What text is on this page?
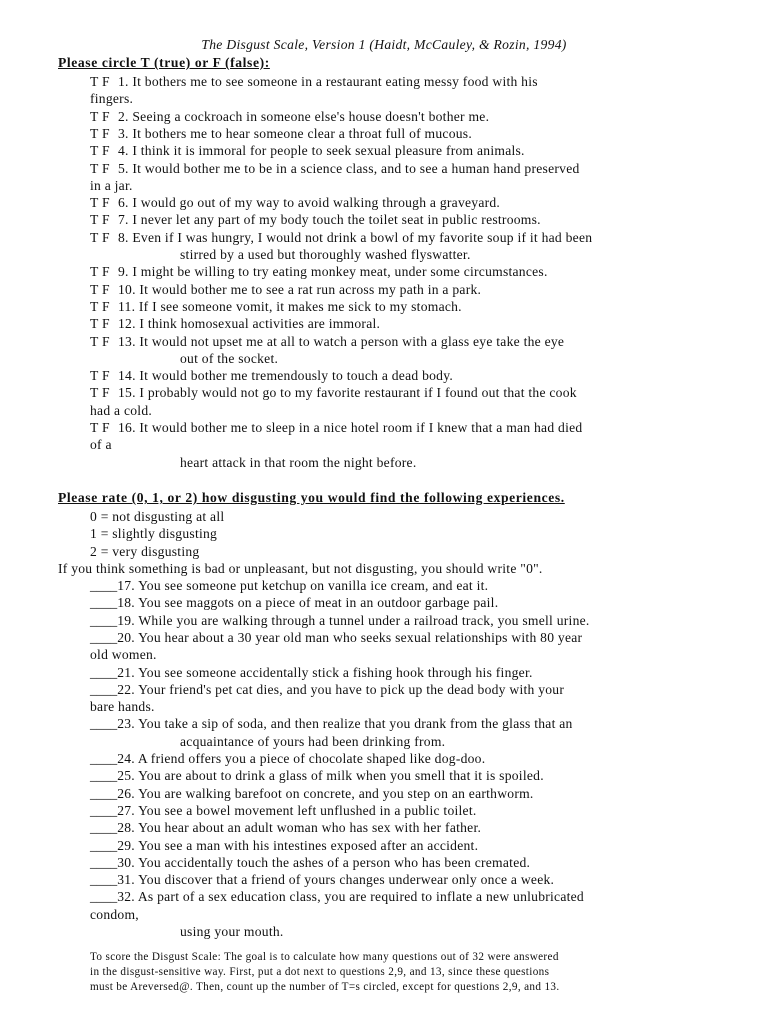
The Disgust Scale, Version 1 (Haidt, McCauley, & Rozin, 1994)
Please circle T (true) or F (false):
T F 1. It bothers me to see someone in a restaurant eating messy food with his
fingers.
T F 2. Seeing a cockroach in someone else's house doesn't bother me.
T F 3. It bothers me to hear someone clear a throat full of mucous.
T F 4. I think it is immoral for people to seek sexual pleasure from animals.
T F 5. It would bother me to be in a science class, and to see a human hand preserved
in a jar.
T F 6. I would go out of my way to avoid walking through a graveyard.
T F 7. I never let any part of my body touch the toilet seat in public restrooms.
T F 8. Even if I was hungry, I would not drink a bowl of my favorite soup if it had been
stirred by a used but thoroughly washed flyswatter.
T F 9. I might be willing to try eating monkey meat, under some circumstances.
T F 10. It would bother me to see a rat run across my path in a park.
T F 11. If I see someone vomit, it makes me sick to my stomach.
T F 12. I think homosexual activities are immoral.
T F 13. It would not upset me at all to watch a person with a glass eye take the eye
out of the socket.
T F 14. It would bother me tremendously to touch a dead body.
T F 15. I probably would not go to my favorite restaurant if I found out that the cook
had a cold.
T F 16. It would bother me to sleep in a nice hotel room if I knew that a man had died
of a
heart attack in that room the night before.
Please rate (0, 1, or 2) how disgusting you would find the following experiences.
0 = not disgusting at all
1 = slightly disgusting
2 = very disgusting
If you think something is bad or unpleasant, but not disgusting, you should write "0".
____17. You see someone put ketchup on vanilla ice cream, and eat it.
____18. You see maggots on a piece of meat in an outdoor garbage pail.
____19. While you are walking through a tunnel under a railroad track, you smell urine.
____20. You hear about a 30 year old man who seeks sexual relationships with 80 year
old women.
____21. You see someone accidentally stick a fishing hook through his finger.
____22. Your friend's pet cat dies, and you have to pick up the dead body with your
bare hands.
____23. You take a sip of soda, and then realize that you drank from the glass that an
acquaintance of yours had been drinking from.
____24. A friend offers you a piece of chocolate shaped like dog-doo.
____25. You are about to drink a glass of milk when you smell that it is spoiled.
____26. You are walking barefoot on concrete, and you step on an earthworm.
____27. You see a bowel movement left unflushed in a public toilet.
____28. You hear about an adult woman who has sex with her father.
____29. You see a man with his intestines exposed after an accident.
____30. You accidentally touch the ashes of a person who has been cremated.
____31. You discover that a friend of yours changes underwear only once a week.
____32. As part of a sex education class, you are required to inflate a new unlubricated
condom,
using your mouth.
To score the Disgust Scale: The goal is to calculate how many questions out of 32 were answered
in the disgust-sensitive way. First, put a dot next to questions 2,9, and 13, since these questions
must be Areversed@. Then, count up the number of T=s circled, except for questions 2,9, and 13.
